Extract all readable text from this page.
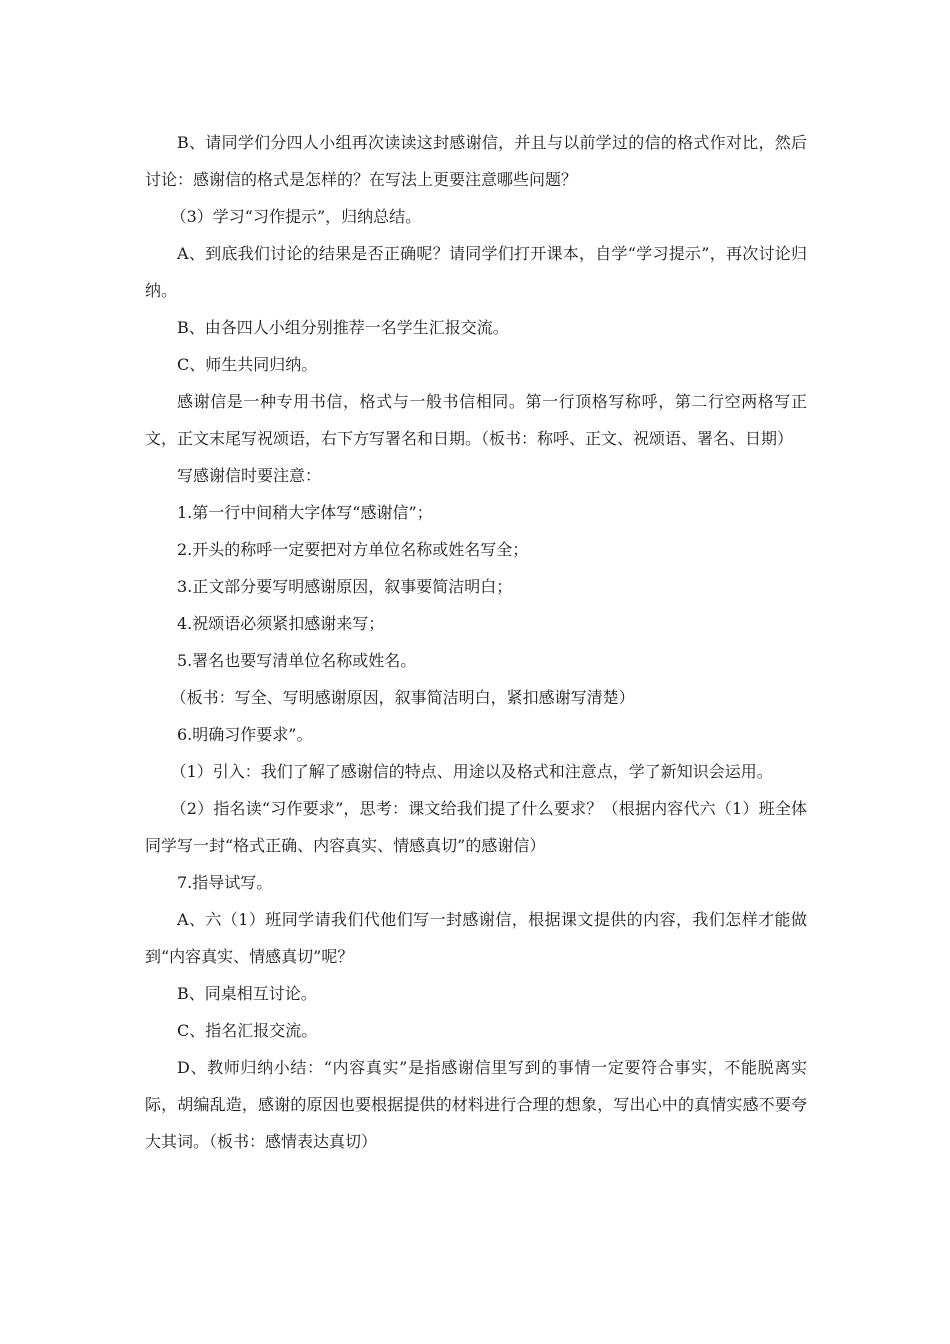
B、请同学们分四人小组再次读读这封感谢信，并且与以前学过的信的格式作对比，然后讨论：感谢信的格式是怎样的？在写法上更要注意哪些问题？

（3）学习“习作提示”，归纳总结。

A、到底我们讨论的结果是否正确呢？请同学们打开课本，自学“学习提示”，再次讨论归纳。

B、由各四人小组分别推荐一名学生汇报交流。

C、师生共同归纳。

感谢信是一种专用书信，格式与一般书信相同。第一行顶格写称呼，第二行空两格写正文，正文末尾写祝颂语，右下方写署名和日期。（板书：称呼、正文、祝颂语、署名、日期）

写感谢信时要注意：

1.第一行中间稍大字体写“感谢信”；

2.开头的称呼一定要把对方单位名称或姓名写全；

3.正文部分要写明感谢原因，叙事要简洁明白；

4.祝颂语必须紧扣感谢来写；

5.署名也要写清单位名称或姓名。

（板书：写全、写明感谢原因，叙事简洁明白，紧扣感谢写清楚）

6.明确习作要求”。

（1）引入：我们了解了感谢信的特点、用途以及格式和注意点，学了新知识会运用。

（2）指名读“习作要求”，思考：课文给我们提了什么要求？（根据内容代六（1）班全体同学写一封“格式正确、内容真实、情感真切”的感谢信）

7.指导试写。

A、六（1）班同学请我们代他们写一封感谢信，根据课文提供的内容，我们怎样才能做到“内容真实、情感真切”呢？

B、同桌相互讨论。

C、指名汇报交流。

D、教师归纳小结：“内容真实”是指感谢信里写到的事情一定要符合事实，不能脱离实际，胡编乱造，感谢的原因也要根据提供的材料进行合理的想象，写出心中的真情实感不要夸大其词。（板书：感情表达真切）
